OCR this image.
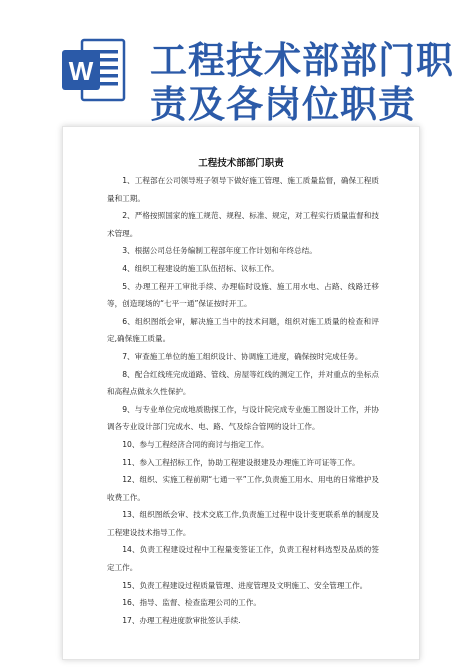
W 工程技术部部门职
责及各岗位职责
工程技术部部门职责

1、工程部在公司领导班子领导下做好施工管理、施工质量监督，确保工程质量和工期。

2、严格按照国家的施工规范、规程、标准、规定，对工程实行质量监督和技术管理。

3、根据公司总任务编制工程部年度工作计划和年终总结。

4、组织工程建设的施工队伍招标、议标工作。

5、办理工程开工审批手续、办理临时设施、施工用水电、占路、线路迁移等，创造现场的“七平一通”保证按时开工。

6、组织图纸会审，解决施工当中的技术问题，组织对施工质量的检查和评定,确保施工质量。

7、审查施工单位的施工组织设计、协调施工进度，确保按时完成任务。

8、配合红线班完成道路、管线、房屋等红线的测定工作，并对重点的坐标点和高程点做永久性保护。

9、与专业单位完成地质勘探工作，与设计院完成专业施工图设计工作，并协调各专业设计部门完成水、电、路、气及综合管网的设计工作。

10、参与工程经济合同的商讨与指定工作。

11、参入工程招标工作，协助工程建设报建及办理施工许可证等工作。

12、组织、实施工程前期“七通一平”工作,负责施工用水、用电的日常维护及收费工作。

13、组织图纸会审、技术交底工作,负责施工过程中设计变更联系单的制度及工程建设技术指导工作。

14、负责工程建设过程中工程量变签证工作，负责工程材料选型及品质的签定工作。

15、负责工程建设过程质量管理、进度管理及文明施工、安全管理工作。

16、指导、监督、检查监理公司的工作。

17、办理工程进度款审批签认手续.
